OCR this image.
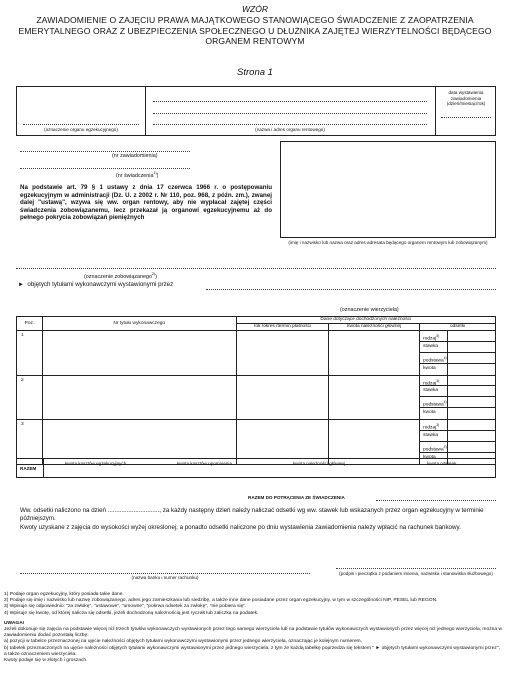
WZÓR
ZAWIADOMIENIE O ZAJĘCIU PRAWA MAJĄTKOWEGO STANOWIĄCEGO ŚWIADCZENIE Z ZAOPATRZENIA EMERYTALNEGO ORAZ Z UBEZPIECZENIA SPOŁECZNEGO U DŁUŻNIKA ZAJĘTEJ WIERZYTELNOŚCI BĘDĄCEGO ORGANEM RENTOWYM
Strona 1
(oznaczenie organu egzekucyjnego)	(nazwa i adres organu rentowego)
data wystawienia zawiadomienia (dzień/miesiąc/rok)
(nr zawiadomienia)
(nr świadczenia$^{1)}$)
Na podstawie art. 79 § 1 ustawy z dnia 17 czerwca 1966 r. o postępowaniu egzekucyjnym w administracji (Dz. U. z 2002 r. Nr 110, poz. 968, z późn. zm.), zwanej dalej "ustawą", wzywa się ww. organ rentowy, aby nie wypłacał zajętej części świadczenia zobowiązanemu, lecz przekazał ją organowi egzekucyjnemu aż do pełnego pokrycia zobowiązań pieniężnych
(imię i nazwisko lub nazwa oraz adres adresata będącego organem rentowym lub zobowiązanym)
(oznaczenie zobowiązanego$^{2)}$)
► objętych tytułami wykonawczymi wystawionymi przez
(oznaczenie wierzyciela)
Poz.	Nr tytułu wykonawczego	Dane dotyczące dochodzonych należności			
		rok /okres /termin płatności	kwota należności głównej	odsetki	
1				rodzaj$^{3)}$
stawka
podstawa$^{4)}$
kwota	

2				rodzaj$^{3)}$
stawka
podstawa$^{4)}$
kwota	

3				rodzaj$^{3)}$
stawka
podstawa$^{4)}$
kwota	

RAZEM
kwota kosztów egzekucyjnych	kwota kosztów upomnienia	kwota należności głównej	kwota odsetek
RAZEM DO POTRĄCENIA ZE ŚWIADCZENIA
Ww. odsetki naliczono na dzień .............................., za każdy następny dzień należy naliczać odsetki wg ww. stawek lub wskazanych przez organ egzekucyjny w terminie późniejszym.
Kwoty uzyskane z zajęcia do wysokości wyżej określonej, a ponadto odsetki naliczone po dniu wystawienia zawiadomienia należy wpłacić na rachunek bankowy.
(nazwa banku i numer rachunku)
(podpis i pieczątka z podaniem imienia, nazwiska i stanowiska służbowego)

1) Podaje organ egzekucyjny, który posiada takie dane.

2) Podaje się imię i nazwisko lub nazwę zobowiązanego, adres jego zamieszkania lub siedzibę, a także inne dane posiadane przez organ egzekucyjny, w tym w szczególności NIP, PESEL lub REGON.

3) Wpisuje się odpowiednio: "za zwłokę", "ustawowe", "umowne", "pokrwa odsetek za zwłokę", "nie pobiera się".

4) Wpisuje się kwotę, od której nalicza się odsetki, jeżeli dochodzoną należnością jest ryczałt lub zaliczka na podatek.

UWAGA!

Jeżeli dokonuje się zajęcia na podstawie więcej niż trzech tytułów wykonawczych wystawionych przez tego samego wierzyciela lub na podstawie tytułów wykonawczych wystawionych przez więcej niż jednego wierzyciela, można w zawiadomieniu dodać pozostałą liczbę:

a) pozycji w tabelce przeznaczonej na ujęcie należności objętych tytułami wykonawczymi wystawionymi przez jednego wierzyciela, oznaczając je kolejnym numerem,

b) tabelek przeznaczonych na ujęcie należności objętych tytułami wykonawczymi wystawionymi przez jednego wierzyciela, z tym że każdą tabelkę poprzedza się tekstem " ► objętych tytułami wykonawczymi wystawionymi przez", a także oznaczeniem wierzyciela.

Kwoty podaje się w złotych i groszach.
